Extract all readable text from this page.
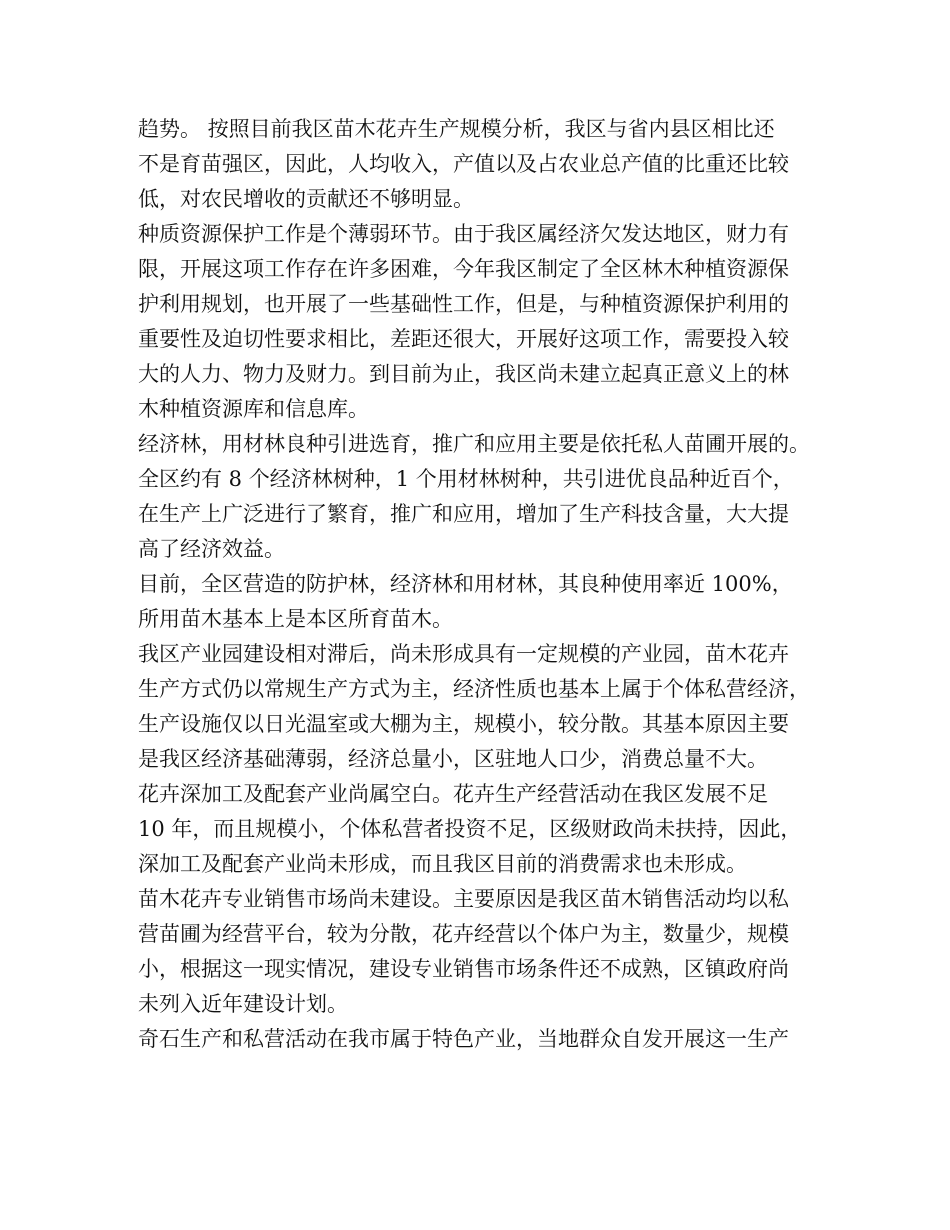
趋势。 按照目前我区苗木花卉生产规模分析，我区与省内县区相比还
不是育苗强区，因此，人均收入，产值以及占农业总产值的比重还比较
低，对农民增收的贡献还不够明显。

种质资源保护工作是个薄弱环节。由于我区属经济欠发达地区，财力有
限，开展这项工作存在许多困难，今年我区制定了全区林木种植资源保
护利用规划，也开展了一些基础性工作，但是，与种植资源保护利用的
重要性及迫切性要求相比，差距还很大，开展好这项工作，需要投入较
大的人力、物力及财力。到目前为止，我区尚未建立起真正意义上的林
木种植资源库和信息库。

经济林，用材林良种引进选育，推广和应用主要是依托私人苗圃开展的。
全区约有 8 个经济林树种，1 个用材林树种，共引进优良品种近百个，
在生产上广泛进行了繁育，推广和应用，增加了生产科技含量，大大提
高了经济效益。

目前，全区营造的防护林，经济林和用材林，其良种使用率近 100%，
所用苗木基本上是本区所育苗木。

我区产业园建设相对滞后，尚未形成具有一定规模的产业园，苗木花卉
生产方式仍以常规生产方式为主，经济性质也基本上属于个体私营经济，
生产设施仅以日光温室或大棚为主，规模小，较分散。其基本原因主要
是我区经济基础薄弱，经济总量小，区驻地人口少，消费总量不大。

花卉深加工及配套产业尚属空白。花卉生产经营活动在我区发展不足
10 年，而且规模小，个体私营者投资不足，区级财政尚未扶持，因此，
深加工及配套产业尚未形成，而且我区目前的消费需求也未形成。

苗木花卉专业销售市场尚未建设。主要原因是我区苗木销售活动均以私
营苗圃为经营平台，较为分散，花卉经营以个体户为主，数量少，规模
小，根据这一现实情况，建设专业销售市场条件还不成熟，区镇政府尚
未列入近年建设计划。

奇石生产和私营活动在我市属于特色产业，当地群众自发开展这一生产
